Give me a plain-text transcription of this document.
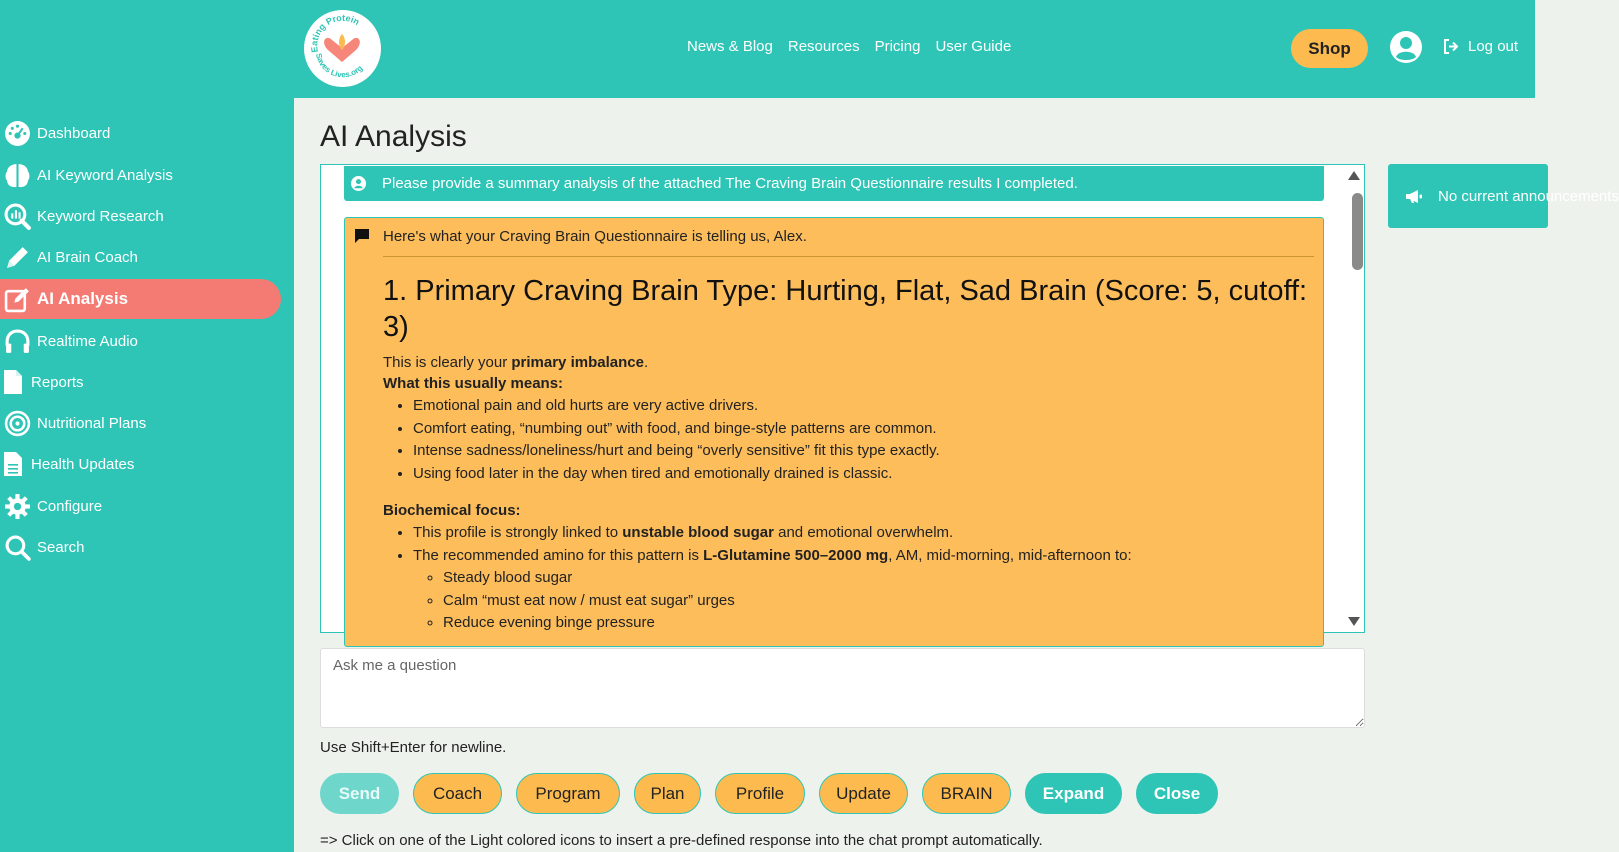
Eating Protein
Saves Lives.org
News & Blog Resources Pricing User Guide	Shop	Log out
Dashboard
AI Keyword Analysis
Keyword Research
AI Brain Coach
AI Analysis
Realtime Audio
Reports
Nutritional Plans
Health Updates
Configure
Search
AI Analysis
Please provide a summary analysis of the attached The Craving Brain Questionnaire results I completed.
Here's what your Craving Brain Questionnaire is telling us, Alex.
1. Primary Craving Brain Type: Hurting, Flat, Sad Brain (Score: 5, cutoff: 3)

This is clearly your primary imbalance.

What this usually means:
• Emotional pain and old hurts are very active drivers.
• Comfort eating, “numbing out” with food, and binge-style patterns are common.
• Intense sadness/loneliness/hurt and being “overly sensitive” fit this type exactly.
• Using food later in the day when tired and emotionally drained is classic.
Biochemical focus:
• This profile is strongly linked to unstable blood sugar and emotional overwhelm.
• The recommended amino for this pattern is L-Glutamine 500–2000 mg, AM, mid-morning, mid-afternoon to:
◦ Steady blood sugar
◦ Calm “must eat now / must eat sugar” urges
◦ Reduce evening binge pressure
No current announcements
Ask me a question
Use Shift+Enter for newline.
Send	Coach	Program	Plan	Profile	Update	BRAIN	Expand	Close
=> Click on one of the Light colored icons to insert a pre-defined response into the chat prompt automatically.
